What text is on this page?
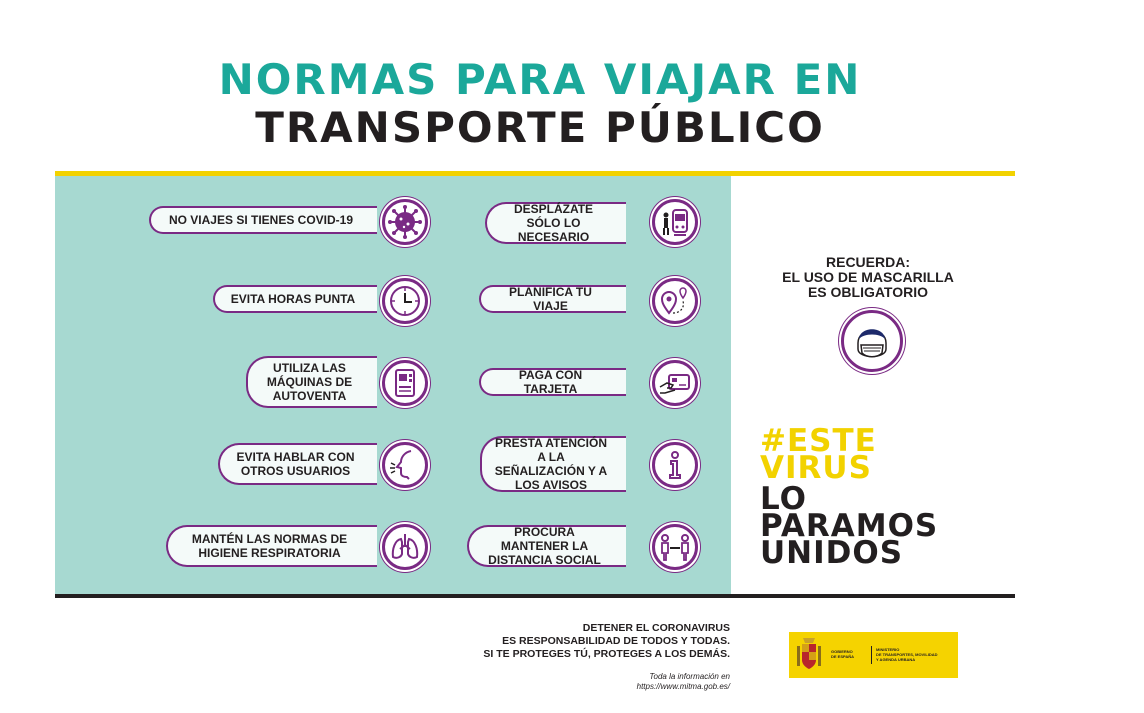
NORMAS PARA VIAJAR EN
TRANSPORTE PÚBLICO
NO VIAJES SI TIENES COVID-19
EVITA HORAS PUNTA
UTILIZA LAS MÁQUINAS DE AUTOVENTA
EVITA HABLAR CON OTROS USUARIOS
MANTÉN LAS NORMAS DE HIGIENE RESPIRATORIA
DESPLÁZATE SÓLO LO NECESARIO
PLANIFICA TU VIAJE
PAGA CON TARJETA
PRESTA ATENCIÓN A LA SEÑALIZACIÓN Y A LOS AVISOS
PROCURA MANTENER LA DISTANCIA SOCIAL
RECUERDA:
EL USO DE MASCARILLA
ES OBLIGATORIO
#ESTE
VIRUS
LO
PARAMOS
UNIDOS
DETENER EL CORONAVIRUS
ES RESPONSABILIDAD DE TODOS Y TODAS.
SI TE PROTEGES TÚ, PROTEGES A LOS DEMÁS.
Toda la información en
https://www.mitma.gob.es/
GOBIERNO
DE ESPAÑA
MINISTERIO
DE TRANSPORTES, MOVILIDAD
Y AGENDA URBANA
